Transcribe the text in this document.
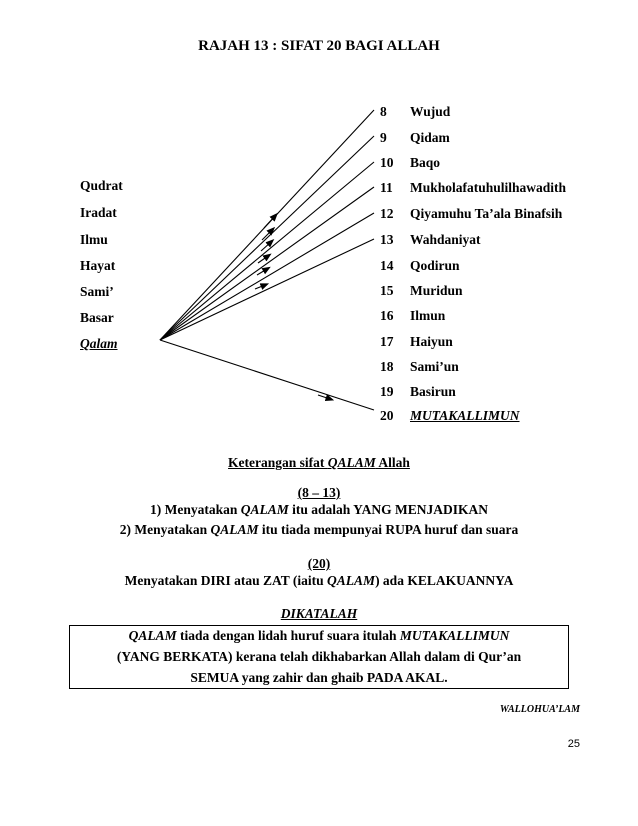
RAJAH 13 : SIFAT 20 BAGI ALLAH
Qudrat
Iradat
Ilmu
Hayat
Sami’
Basar
Qalam
8 Wujud
9 Qidam
10 Baqo
11 Mukholafatuhulilhawadith
12 Qiyamuhu Ta’ala Binafsih
13 Wahdaniyat
14 Qodirun
15 Muridun
16 Ilmun
17 Haiyun
18 Sami’un
19 Basirun
20 MUTAKALLIMUN
Keterangan sifat QALAM Allah
(8 – 13)
1) Menyatakan QALAM itu adalah YANG MENJADIKAN
2) Menyatakan QALAM itu tiada mempunyai RUPA huruf dan suara
(20)
Menyatakan DIRI atau ZAT (iaitu QALAM) ada KELAKUANNYA
DIKATALAH
QALAM tiada dengan lidah huruf suara itulah MUTAKALLIMUN
(YANG BERKATA) kerana telah dikhabarkan Allah dalam di Qur’an
SEMUA yang zahir dan ghaib PADA AKAL.
WALLOHUA’LAM
25
